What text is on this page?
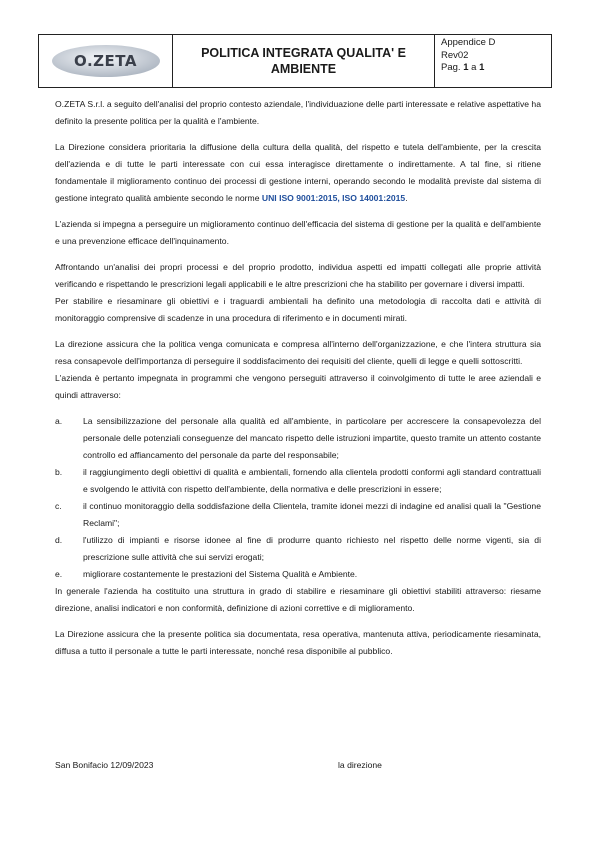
O.ZETA	POLITICA INTEGRATA QUALITA' E AMBIENTE
Appendice D
Rev02
Pag. 1 a 1

O.ZETA S.r.l. a seguito dell'analisi del proprio contesto aziendale, l'individuazione delle parti interessate e relative aspettative ha definito la presente politica per la qualità e l'ambiente.

La Direzione considera prioritaria la diffusione della cultura della qualità, del rispetto e tutela dell'ambiente, per la crescita dell'azienda e di tutte le parti interessate con cui essa interagisce direttamente o indirettamente. A tal fine, si ritiene fondamentale il miglioramento continuo dei processi di gestione interni, operando secondo le modalità previste dal sistema di gestione integrato qualità ambiente secondo le norme UNI ISO 9001:2015, ISO 14001:2015.

L'azienda si impegna a perseguire un miglioramento continuo dell'efficacia del sistema di gestione per la qualità e dell'ambiente e una prevenzione efficace dell'inquinamento.

Affrontando un'analisi dei propri processi e del proprio prodotto, individua aspetti ed impatti collegati alle proprie attività verificando e rispettando le prescrizioni legali applicabili e le altre prescrizioni che ha stabilito per governare i diversi impatti.

Per stabilire e riesaminare gli obiettivi e i traguardi ambientali ha definito una metodologia di raccolta dati e attività di monitoraggio comprensive di scadenze in una procedura di riferimento e in documenti mirati.

La direzione assicura che la politica venga comunicata e compresa all'interno dell'organizzazione, e che l'intera struttura sia resa consapevole dell'importanza di perseguire il soddisfacimento dei requisiti del cliente, quelli di legge e quelli sottoscritti.

L'azienda è pertanto impegnata in programmi che vengono perseguiti attraverso il coinvolgimento di tutte le aree aziendali e quindi attraverso:

a.	La sensibilizzazione del personale alla qualità ed all'ambiente, in particolare per accrescere la consapevolezza del personale delle potenziali conseguenze del mancato rispetto delle istruzioni impartite, questo tramite un attento costante controllo ed affiancamento del personale da parte del responsabile;
b.	il raggiungimento degli obiettivi di qualità e ambientali, fornendo alla clientela prodotti conformi agli standard contrattuali e svolgendo le attività con rispetto dell'ambiente, della normativa e delle prescrizioni in essere;
c.	il continuo monitoraggio della soddisfazione della Clientela, tramite idonei mezzi di indagine ed analisi quali la "Gestione Reclami";
d.	l'utilizzo di impianti e risorse idonee al fine di produrre quanto richiesto nel rispetto delle norme vigenti, sia di prescrizione sulle attività che sui servizi erogati;
e.	migliorare costantemente le prestazioni del Sistema Qualità e Ambiente.

In generale l'azienda ha costituito una struttura in grado di stabilire e riesaminare gli obiettivi stabiliti attraverso: riesame direzione, analisi indicatori e non conformità, definizione di azioni correttive e di miglioramento.

La Direzione assicura che la presente politica sia documentata, resa operativa, mantenuta attiva, periodicamente riesaminata, diffusa a tutto il personale a tutte le parti interessate, nonché resa disponibile al pubblico.

San Bonifacio 12/09/2023	la direzione
